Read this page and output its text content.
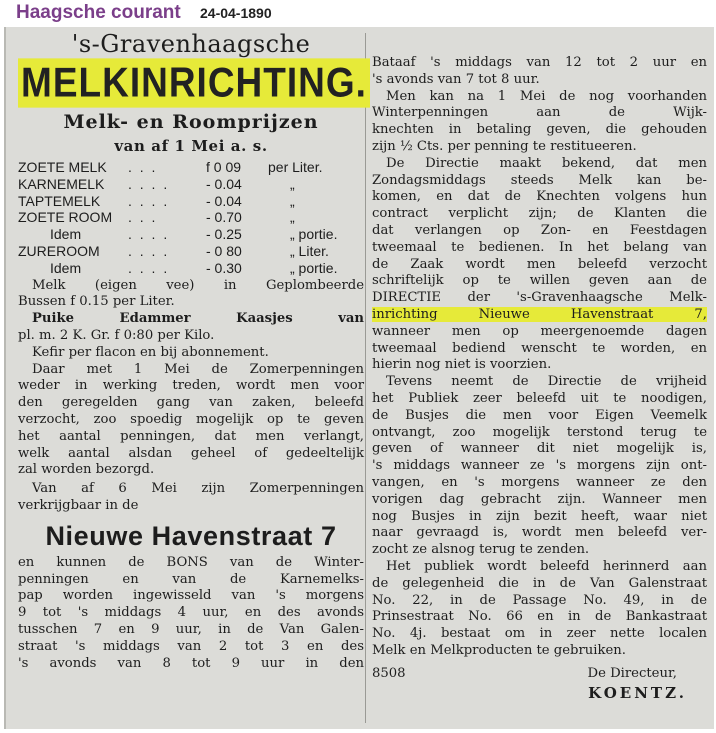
Haagsche courant 24-04-1890
's-Gravenhaagsche
MELKINRICHTING.
Melk- en Roomprijzen
van af 1 Mei a. s.
ZOETE MELK	. . .	f 0 09	per Liter.
KARNEMELK	. . . .	- 0.04	„
TAPTEMELK	. . . .	- 0.04	„
ZOETE ROOM	. . .	- 0.70	„
Idem	. . . .	- 0.25	„ portie.
ZUREROOM	. . . .	- 0 80	„ Liter.
Idem	. . . .	- 0.30	„ portie.

Melk (eigen vee) in Geplombeerde

Bussen f 0.15 per Liter.

Puike Edammer Kaasjes van

pl. m. 2 K. Gr. f 0:80 per Kilo.

Kefir per flacon en bij abonnement.

Daar met 1 Mei de Zomerpenningen

weder in werking treden, wordt men voor

den geregelden gang van zaken, beleefd

verzocht, zoo spoedig mogelijk op te geven

het aantal penningen, dat men verlangt,

welk aantal alsdan geheel of gedeeltelijk

zal worden bezorgd.

Van af 6 Mei zijn Zomerpenningen

verkrijgbaar in de

Nieuwe Havenstraat 7

en kunnen de BONS van de Winter-

penningen en van de Karnemelks-

pap worden ingewisseld van 's morgens

9 tot 's middags 4 uur, en des avonds

tusschen 7 en 9 uur, in de Van Galen-

straat 's middags van 2 tot 3 en des

's avonds van 8 tot 9 uur in den

Bataaf 's middags van 12 tot 2 uur en

's avonds van 7 tot 8 uur.

Men kan na 1 Mei de nog voorhanden

Winterpenningen aan de Wijk-

knechten in betaling geven, die gehouden

zijn ½ Cts. per penning te restitueeren.

De Directie maakt bekend, dat men

Zondagsmiddags steeds Melk kan be-

komen, en dat de Knechten volgens hun

contract verplicht zijn; de Klanten die

dat verlangen op Zon- en Feestdagen

tweemaal te bedienen. In het belang van

de Zaak wordt men beleefd verzocht

schriftelijk op te willen geven aan de

DIRECTIE der 's-Gravenhaagsche Melk-

inrichting Nieuwe Havenstraat 7,

wanneer men op meergenoemde dagen

tweemaal bediend wenscht te worden, en

hierin nog niet is voorzien.

Tevens neemt de Directie de vrijheid

het Publiek zeer beleefd uit te noodigen,

de Busjes die men voor Eigen Veemelk

ontvangt, zoo mogelijk terstond terug te

geven of wanneer dit niet mogelijk is,

's middags wanneer ze 's morgens zijn ont-

vangen, en 's morgens wanneer ze den

vorigen dag gebracht zijn. Wanneer men

nog Busjes in zijn bezit heeft, waar niet

naar gevraagd is, wordt men beleefd ver-

zocht ze alsnog terug te zenden.

Het publiek wordt beleefd herinnerd aan

de gelegenheid die in de Van Galenstraat

No. 22, in de Passage No. 49, in de

Prinsestraat No. 66 en in de Bankastraat

No. 4j. bestaat om in zeer nette localen

Melk en Melkproducten te gebruiken.

8508	De Directeur,
KOENTZ.
